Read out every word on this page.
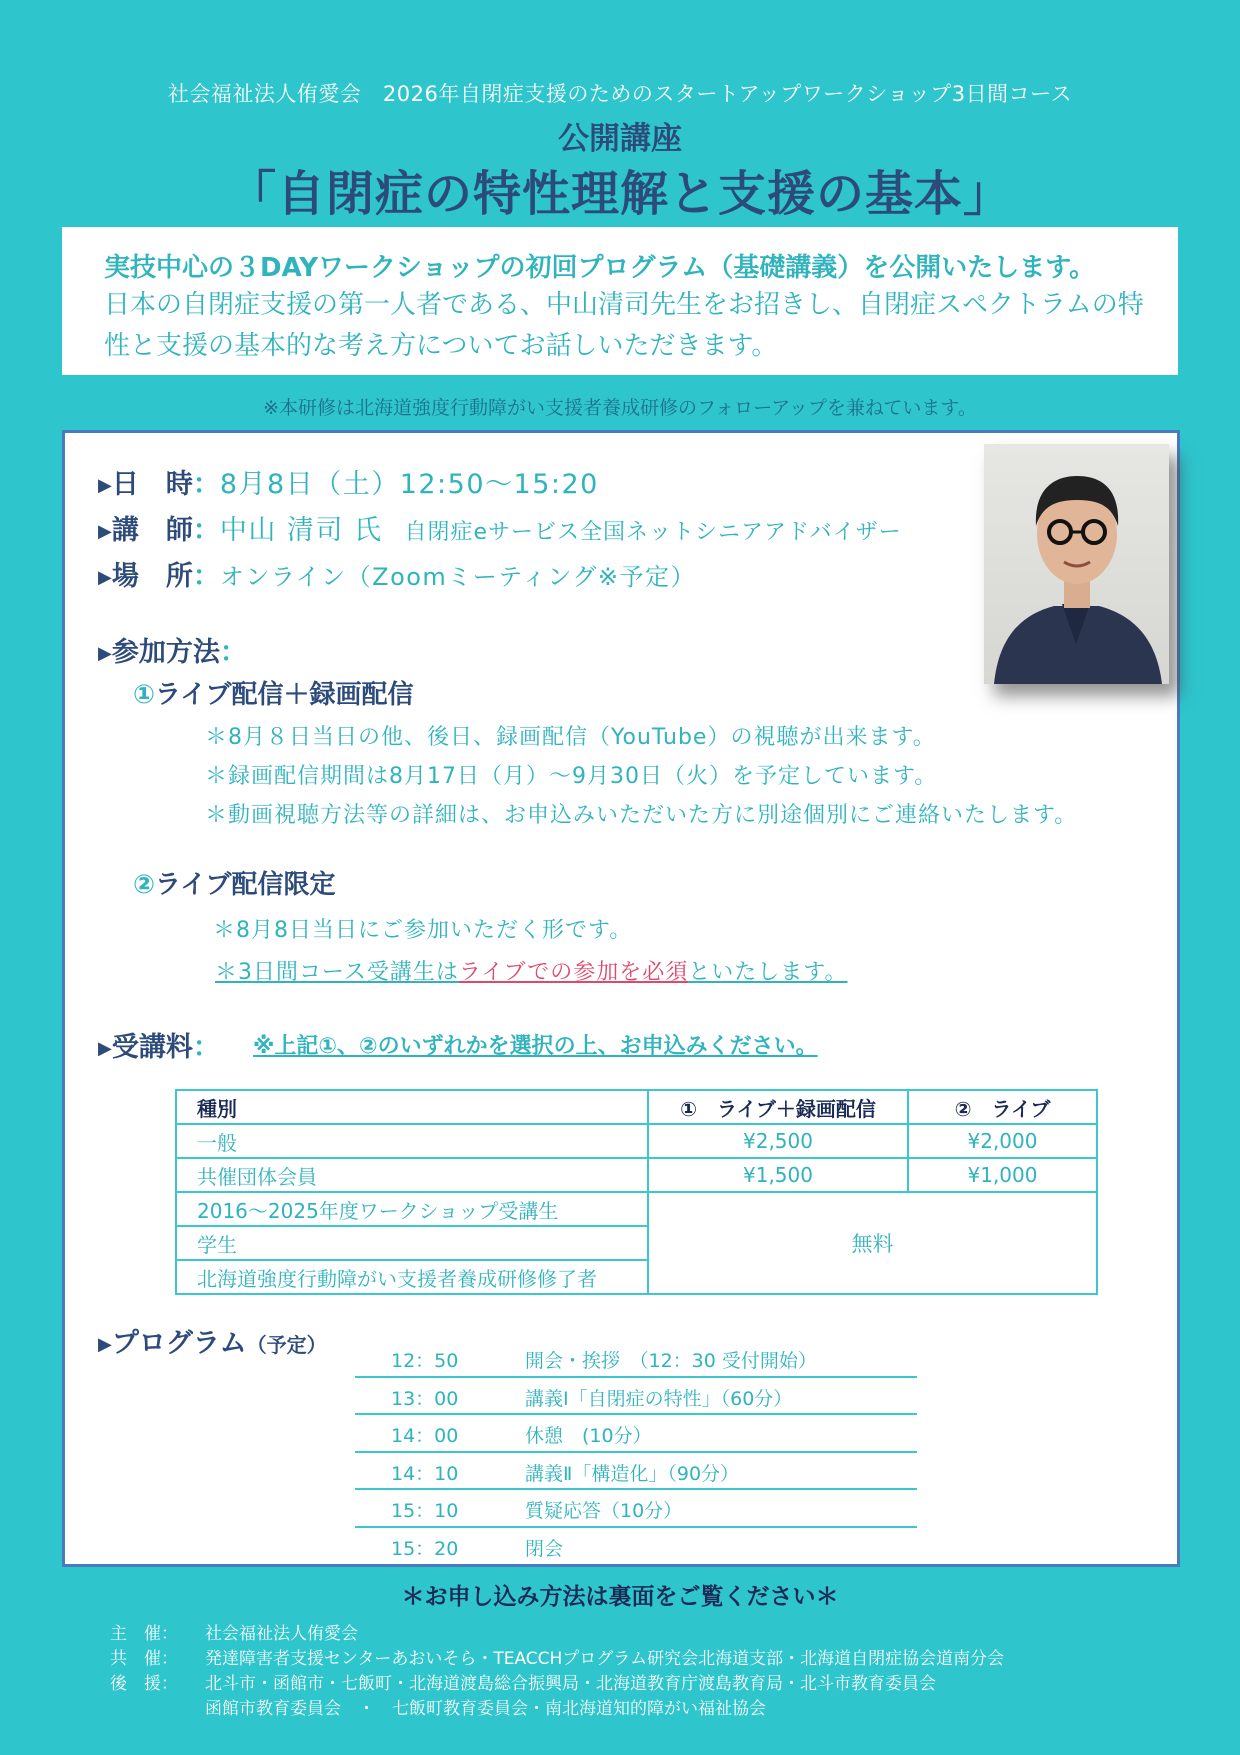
社会福祉法人侑愛会　2026年自閉症支援のためのスタートアップワークショップ3日間コース
公開講座
「自閉症の特性理解と支援の基本」
実技中心の３DAYワークショップの初回プログラム（基礎講義）を公開いたします。
日本の自閉症支援の第一人者である、中山清司先生をお招きし、自閉症スペクトラムの特性と支援の基本的な考え方についてお話しいただきます。
※本研修は北海道強度行動障がい支援者養成研修のフォローアップを兼ねています。
▶日　時：8月8日（土）12:50〜15:20
▶講　師：中山 清司 氏 自閉症eサービス全国ネットシニアアドバイザー
▶場　所：オンライン（Zoomミーティング※予定）
▶参加方法：
①ライブ配信＋録画配信
＊8月８日当日の他、後日、録画配信（YouTube）の視聴が出来ます。
＊録画配信期間は8月17日（月）〜9月30日（火）を予定しています。
＊動画視聴方法等の詳細は、お申込みいただいた方に別途個別にご連絡いたします。
②ライブ配信限定
＊8月8日当日にご参加いただく形です。
＊3日間コース受講生はライブでの参加を必須といたします。
▶受講料：	※上記①、②のいずれかを選択の上、お申込みください。
種別	①　ライブ＋録画配信	②　ライブ
一般	¥2,500	¥2,000
共催団体会員	¥1,500	¥1,000
2016〜2025年度ワークショップ受講生	無料	
学生		
北海道強度行動障がい支援者養成研修修了者		
▶プログラム（予定）
12：50	開会・挨拶　（12：30 受付開始）
13：00	講義Ⅰ「自閉症の特性」（60分）
14：00	休憩　(10分）
14：10	講義Ⅱ「構造化」（90分）
15：10	質疑応答（10分）
15：20	閉会
＊お申し込み方法は裏面をご覧ください＊
主　催： 社会福祉法人侑愛会
共　催： 発達障害者支援センターあおいそら・TEACCHプログラム研究会北海道支部・北海道自閉症協会道南分会
後　援： 北斗市・函館市・七飯町・北海道渡島総合振興局・北海道教育庁渡島教育局・北斗市教育委員会
函館市教育委員会　・　七飯町教育委員会・南北海道知的障がい福祉協会
